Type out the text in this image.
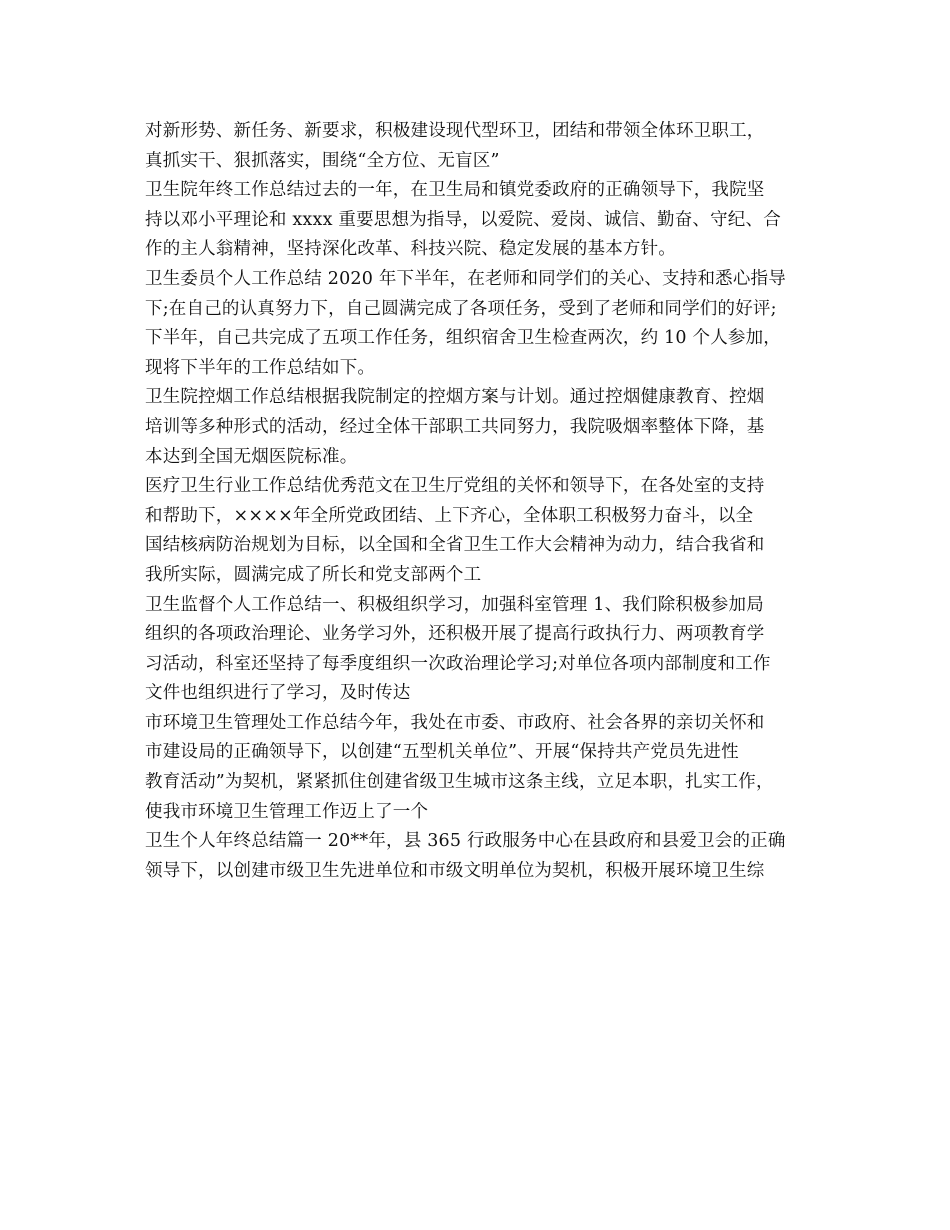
对新形势、新任务、新要求，积极建设现代型环卫，团结和带领全体环卫职工，
真抓实干、狠抓落实，围绕“全方位、无盲区”
卫生院年终工作总结过去的一年，在卫生局和镇党委政府的正确领导下，我院坚
持以邓小平理论和 xxxx 重要思想为指导，以爱院、爱岗、诚信、勤奋、守纪、合
作的主人翁精神，坚持深化改革、科技兴院、稳定发展的基本方针。
卫生委员个人工作总结 2020 年下半年，在老师和同学们的关心、支持和悉心指导
下;在自己的认真努力下，自己圆满完成了各项任务，受到了老师和同学们的好评;
下半年，自己共完成了五项工作任务，组织宿舍卫生检查两次，约 10 个人参加，
现将下半年的工作总结如下。
卫生院控烟工作总结根据我院制定的控烟方案与计划。通过控烟健康教育、控烟
培训等多种形式的活动，经过全体干部职工共同努力，我院吸烟率整体下降，基
本达到全国无烟医院标准。
医疗卫生行业工作总结优秀范文在卫生厅党组的关怀和领导下，在各处室的支持
和帮助下，××××年全所党政团结、上下齐心，全体职工积极努力奋斗，以全
国结核病防治规划为目标，以全国和全省卫生工作大会精神为动力，结合我省和
我所实际，圆满完成了所长和党支部两个工
卫生监督个人工作总结一、积极组织学习，加强科室管理 1、我们除积极参加局
组织的各项政治理论、业务学习外，还积极开展了提高行政执行力、两项教育学
习活动，科室还坚持了每季度组织一次政治理论学习;对单位各项内部制度和工作
文件也组织进行了学习，及时传达
市环境卫生管理处工作总结今年，我处在市委、市政府、社会各界的亲切关怀和
市建设局的正确领导下，以创建“五型机关单位”、开展“保持共产党员先进性
教育活动”为契机，紧紧抓住创建省级卫生城市这条主线，立足本职，扎实工作，
使我市环境卫生管理工作迈上了一个
卫生个人年终总结篇一 20**年，县 365 行政服务中心在县政府和县爱卫会的正确
领导下，以创建市级卫生先进单位和市级文明单位为契机，积极开展环境卫生综
